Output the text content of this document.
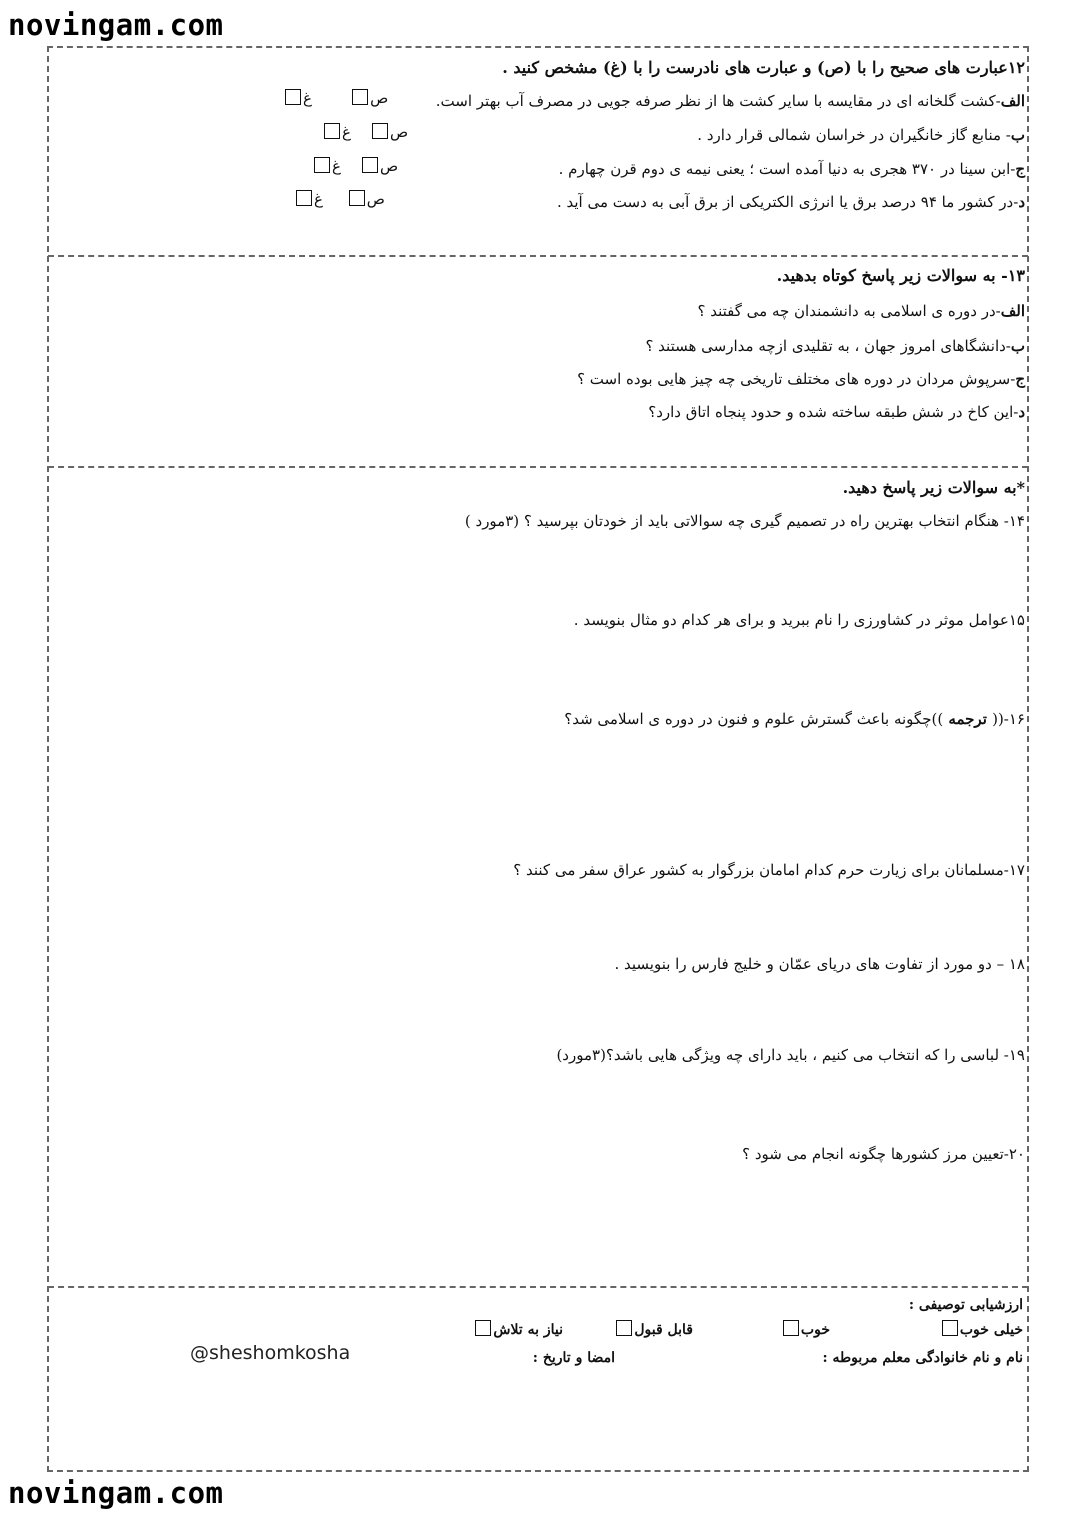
novingam.com
novingam.com
۱۲عبارت های صحیح را با (ص) و عبارت های نادرست را با (غ) مشخص کنید .
الف-کشت گلخانه ای در مقایسه با سایر کشت ها از نظر صرفه جویی در مصرف آب بهتر است.
ص        غ
ب- منابع گاز خانگیران در خراسان شمالی قرار دارد .
ص    غ
ج-ابن سینا در ۳۷۰ هجری به دنیا آمده است ؛ یعنی نیمه ی دوم قرن چهارم .
ص    غ
د-در کشور ما ۹۴ درصد برق یا انرژی الکتریکی از برق آبی به دست می آید .
ص     غ
۱۳- به سوالات زیر پاسخ کوتاه بدهید.
الف-در دوره ی اسلامی به دانشمندان چه می گفتند ؟
ب-دانشگاهای امروز جهان ، به تقلیدی ازچه مدارسی هستند ؟
ج-سرپوش مردان در دوره های مختلف تاریخی چه چیز هایی بوده است ؟
د-این کاخ در شش طبقه ساخته شده و حدود پنجاه اتاق دارد؟
*به سوالات زیر پاسخ دهید.
۱۴- هنگام انتخاب بهترین راه در تصمیم گیری چه سوالاتی باید از خودتان بپرسید ؟ (۳مورد )
۱۵عوامل موثر در کشاورزی را نام ببرید و برای هر کدام دو مثال بنویسد .
۱۶-(( ترجمه ))چگونه باعث گسترش علوم و فنون در دوره ی اسلامی شد؟
۱۷-مسلمانان برای زیارت حرم کدام امامان بزرگوار به کشور عراق سفر می کنند ؟
۱۸ – دو مورد از تفاوت های دریای عمّان و خلیج فارس را بنویسید .
۱۹- لباسی را که انتخاب می کنیم ، باید دارای چه ویژگی هایی باشد؟(۳مورد)
۲۰-تعیین مرز کشورها چگونه انجام می شود ؟
ارزشیابی توصیفی :
خیلی خوب
خوب
قابل قبول
نیاز به تلاش
نام و نام خانوادگی معلم مربوطه :
امضا و تاریخ :
@sheshomkosha
